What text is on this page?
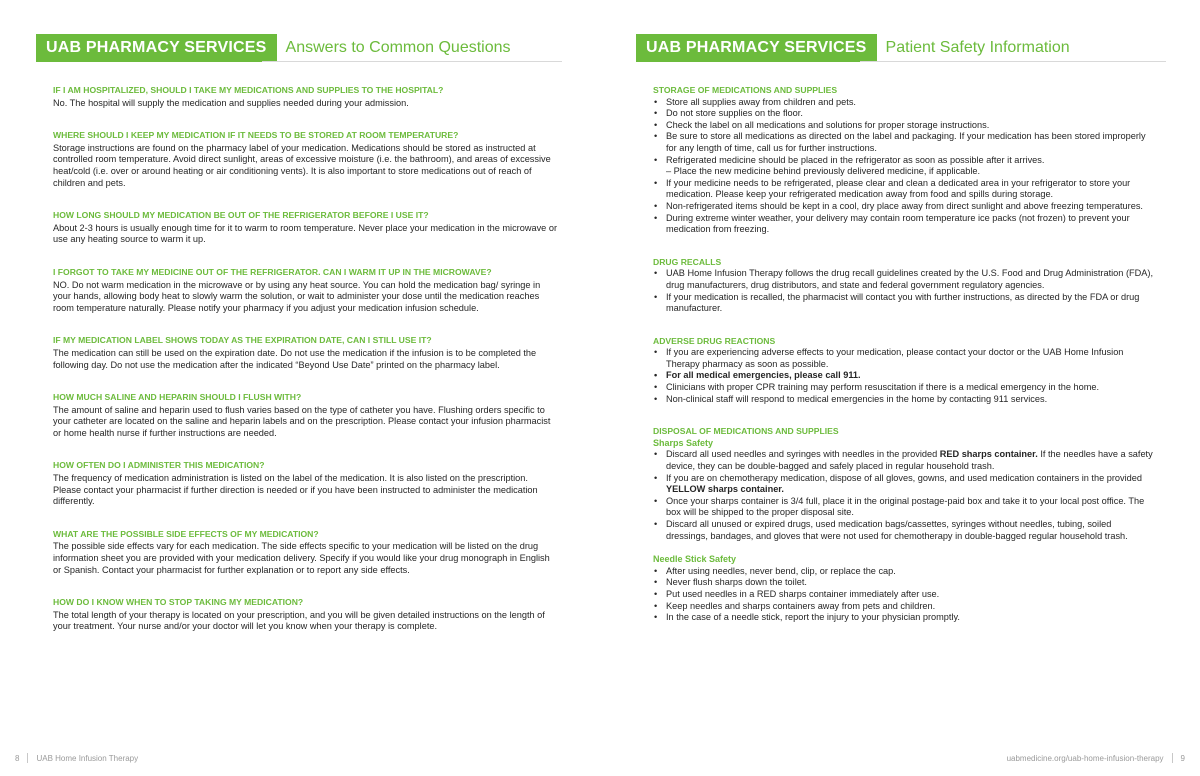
UAB PHARMACY SERVICES	Answers to Common Questions
IF I AM HOSPITALIZED, SHOULD I TAKE MY MEDICATIONS AND SUPPLIES TO THE HOSPITAL?
No. The hospital will supply the medication and supplies needed during your admission.
WHERE SHOULD I KEEP MY MEDICATION IF IT NEEDS TO BE STORED AT ROOM TEMPERATURE?
Storage instructions are found on the pharmacy label of your medication. Medications should be stored as instructed at controlled room temperature. Avoid direct sunlight, areas of excessive moisture (i.e. the bathroom), and areas of excessive heat/cold (i.e. over or around heating or air conditioning vents). It is also important to store medications out of reach of children and pets.
HOW LONG SHOULD MY MEDICATION BE OUT OF THE REFRIGERATOR BEFORE I USE IT?
About 2-3 hours is usually enough time for it to warm to room temperature. Never place your medication in the microwave or use any heating source to warm it up.
I FORGOT TO TAKE MY MEDICINE OUT OF THE REFRIGERATOR. CAN I WARM IT UP IN THE MICROWAVE?
NO. Do not warm medication in the microwave or by using any heat source. You can hold the medication bag/ syringe in your hands, allowing body heat to slowly warm the solution, or wait to administer your dose until the medication reaches room temperature naturally. Please notify your pharmacy if you adjust your medication infusion schedule.
IF MY MEDICATION LABEL SHOWS TODAY AS THE EXPIRATION DATE, CAN I STILL USE IT?
The medication can still be used on the expiration date. Do not use the medication if the infusion is to be completed the following day. Do not use the medication after the indicated “Beyond Use Date” printed on the pharmacy label.
HOW MUCH SALINE AND HEPARIN SHOULD I FLUSH WITH?
The amount of saline and heparin used to flush varies based on the type of catheter you have. Flushing orders specific to your catheter are located on the saline and heparin labels and on the prescription. Please contact your infusion pharmacist or home health nurse if further instructions are needed.
HOW OFTEN DO I ADMINISTER THIS MEDICATION?
The frequency of medication administration is listed on the label of the medication. It is also listed on the prescription. Please contact your pharmacist if further direction is needed or if you have been instructed to administer the medication differently.
WHAT ARE THE POSSIBLE SIDE EFFECTS OF MY MEDICATION?
The possible side effects vary for each medication. The side effects specific to your medication will be listed on the drug information sheet you are provided with your medication delivery. Specify if you would like your drug monograph in English or Spanish. Contact your pharmacist for further explanation or to report any side effects.
HOW DO I KNOW WHEN TO STOP TAKING MY MEDICATION?
The total length of your therapy is located on your prescription, and you will be given detailed instructions on the length of your treatment. Your nurse and/or your doctor will let you know when your therapy is complete.
8 UAB Home Infusion Therapy
UAB PHARMACY SERVICES	Patient Safety Information
STORAGE OF MEDICATIONS AND SUPPLIES
• Store all supplies away from children and pets.
• Do not store supplies on the floor.
• Check the label on all medications and solutions for proper storage instructions.
• Be sure to store all medications as directed on the label and packaging. If your medication has been stored improperly for any length of time, call us for further instructions.
• Refrigerated medicine should be placed in the refrigerator as soon as possible after it arrives.
– Place the new medicine behind previously delivered medicine, if applicable.
• If your medicine needs to be refrigerated, please clear and clean a dedicated area in your refrigerator to store your medication. Please keep your refrigerated medication away from food and spills during storage.
• Non-refrigerated items should be kept in a cool, dry place away from direct sunlight and above freezing temperatures.
• During extreme winter weather, your delivery may contain room temperature ice packs (not frozen) to prevent your medication from freezing.
DRUG RECALLS
• UAB Home Infusion Therapy follows the drug recall guidelines created by the U.S. Food and Drug Administration (FDA), drug manufacturers, drug distributors, and state and federal government regulatory agencies.
• If your medication is recalled, the pharmacist will contact you with further instructions, as directed by the FDA or drug manufacturer.
ADVERSE DRUG REACTIONS
• If you are experiencing adverse effects to your medication, please contact your doctor or the UAB Home Infusion Therapy pharmacy as soon as possible.
• For all medical emergencies, please call 911.
• Clinicians with proper CPR training may perform resuscitation if there is a medical emergency in the home.
• Non-clinical staff will respond to medical emergencies in the home by contacting 911 services.
DISPOSAL OF MEDICATIONS AND SUPPLIES
Sharps Safety
• Discard all used needles and syringes with needles in the provided RED sharps container. If the needles have a safety device, they can be double-bagged and safely placed in regular household trash.
• If you are on chemotherapy medication, dispose of all gloves, gowns, and used medication containers in the provided YELLOW sharps container.
• Once your sharps container is 3/4 full, place it in the original postage-paid box and take it to your local post office. The box will be shipped to the proper disposal site.
• Discard all unused or expired drugs, used medication bags/cassettes, syringes without needles, tubing, soiled dressings, bandages, and gloves that were not used for chemotherapy in double-bagged regular household trash.
Needle Stick Safety
• After using needles, never bend, clip, or replace the cap.
• Never flush sharps down the toilet.
• Put used needles in a RED sharps container immediately after use.
• Keep needles and sharps containers away from pets and children.
• In the case of a needle stick, report the injury to your physician promptly.
uabmedicine.org/uab-home-infusion-therapy 9
